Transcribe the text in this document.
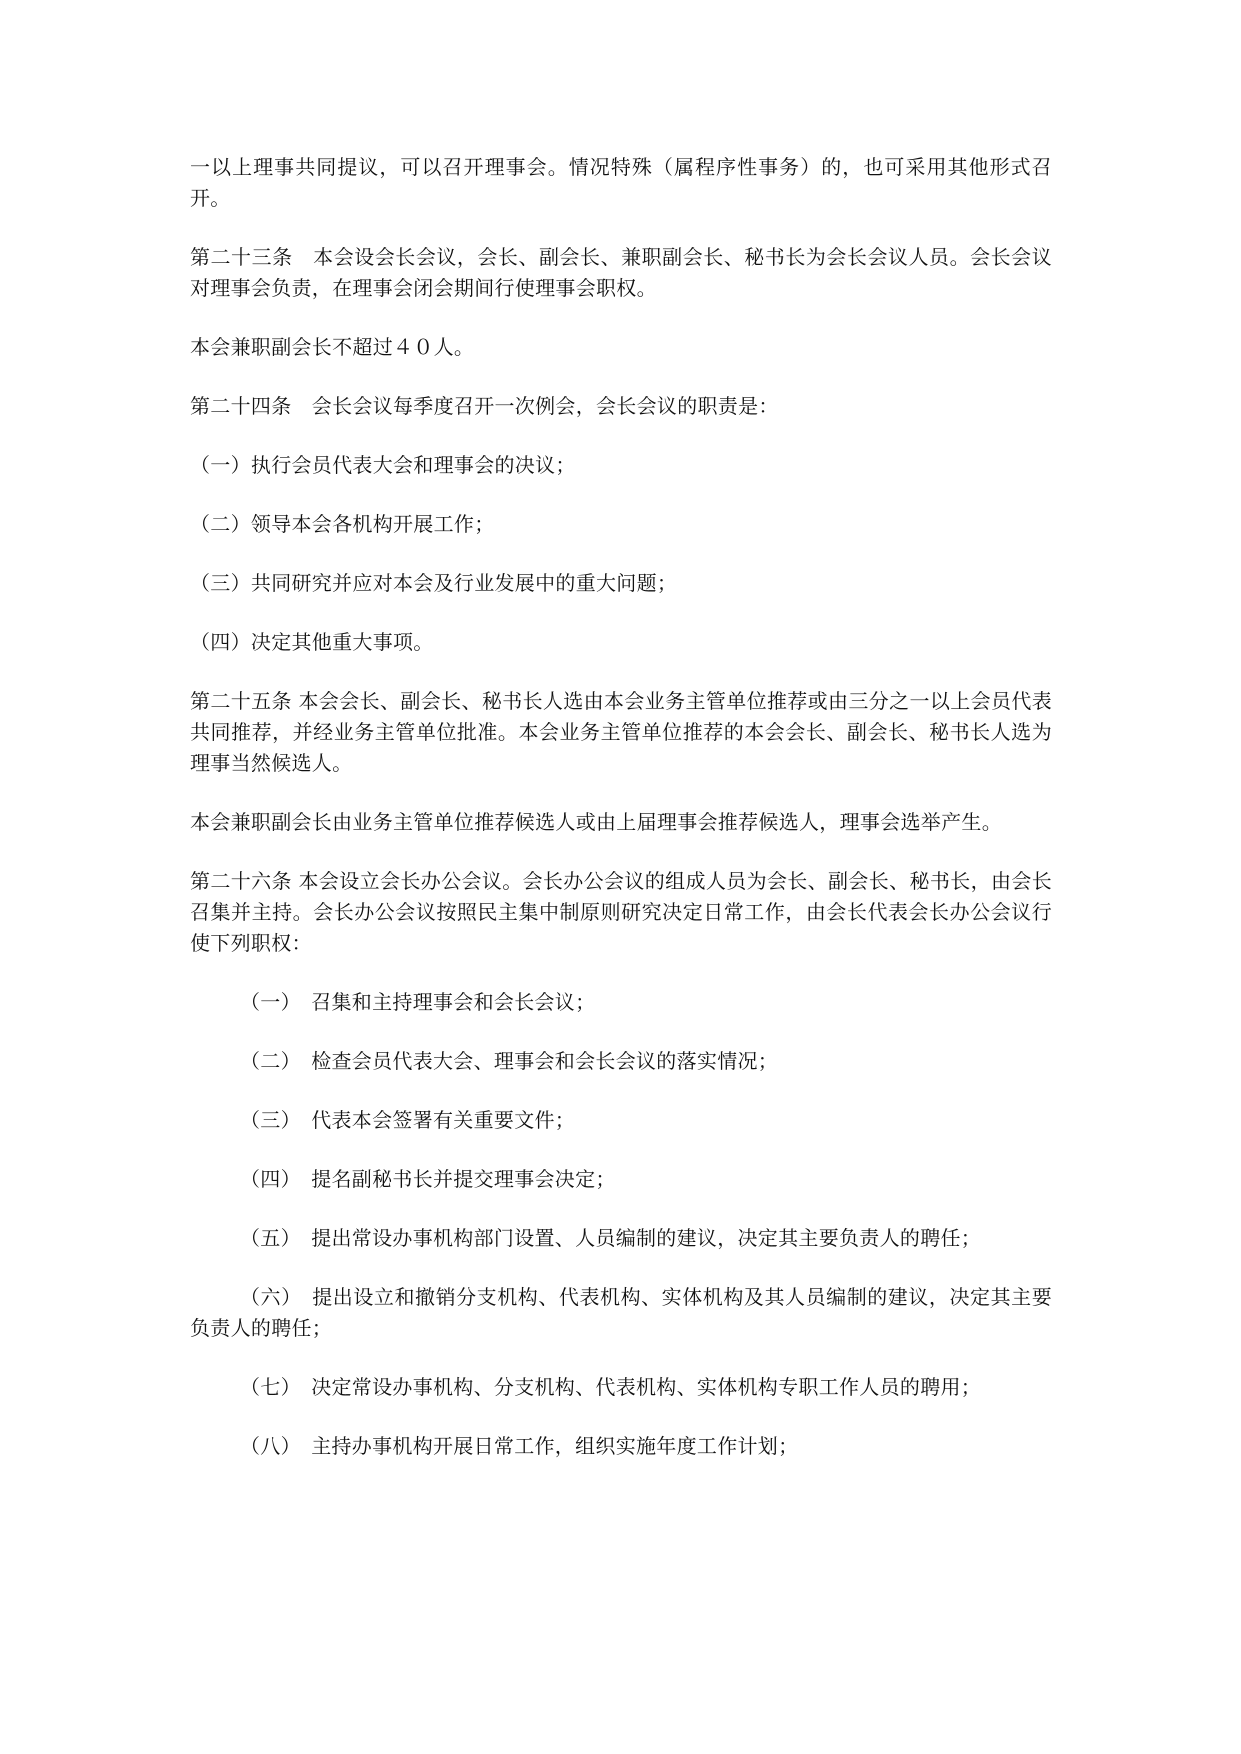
一以上理事共同提议，可以召开理事会。情况特殊（属程序性事务）的，也可采用其他形式召开。

第二十三条　本会设会长会议，会长、副会长、兼职副会长、秘书长为会长会议人员。会长会议对理事会负责，在理事会闭会期间行使理事会职权。

本会兼职副会长不超过４０人。

第二十四条　会长会议每季度召开一次例会，会长会议的职责是：

（一）执行会员代表大会和理事会的决议；

（二）领导本会各机构开展工作；

（三）共同研究并应对本会及行业发展中的重大问题；

（四）决定其他重大事项。

第二十五条 本会会长、副会长、秘书长人选由本会业务主管单位推荐或由三分之一以上会员代表共同推荐，并经业务主管单位批准。本会业务主管单位推荐的本会会长、副会长、秘书长人选为理事当然候选人。

本会兼职副会长由业务主管单位推荐候选人或由上届理事会推荐候选人，理事会选举产生。

第二十六条 本会设立会长办公会议。会长办公会议的组成人员为会长、副会长、秘书长，由会长召集并主持。会长办公会议按照民主集中制原则研究决定日常工作，由会长代表会长办公会议行使下列职权：

（一）　召集和主持理事会和会长会议；

（二）　检查会员代表大会、理事会和会长会议的落实情况；

（三）　代表本会签署有关重要文件；

（四）　提名副秘书长并提交理事会决定；

（五）　提出常设办事机构部门设置、人员编制的建议，决定其主要负责人的聘任；

（六）　提出设立和撤销分支机构、代表机构、实体机构及其人员编制的建议，决定其主要负责人的聘任；

（七）　决定常设办事机构、分支机构、代表机构、实体机构专职工作人员的聘用；

（八）　主持办事机构开展日常工作，组织实施年度工作计划；
